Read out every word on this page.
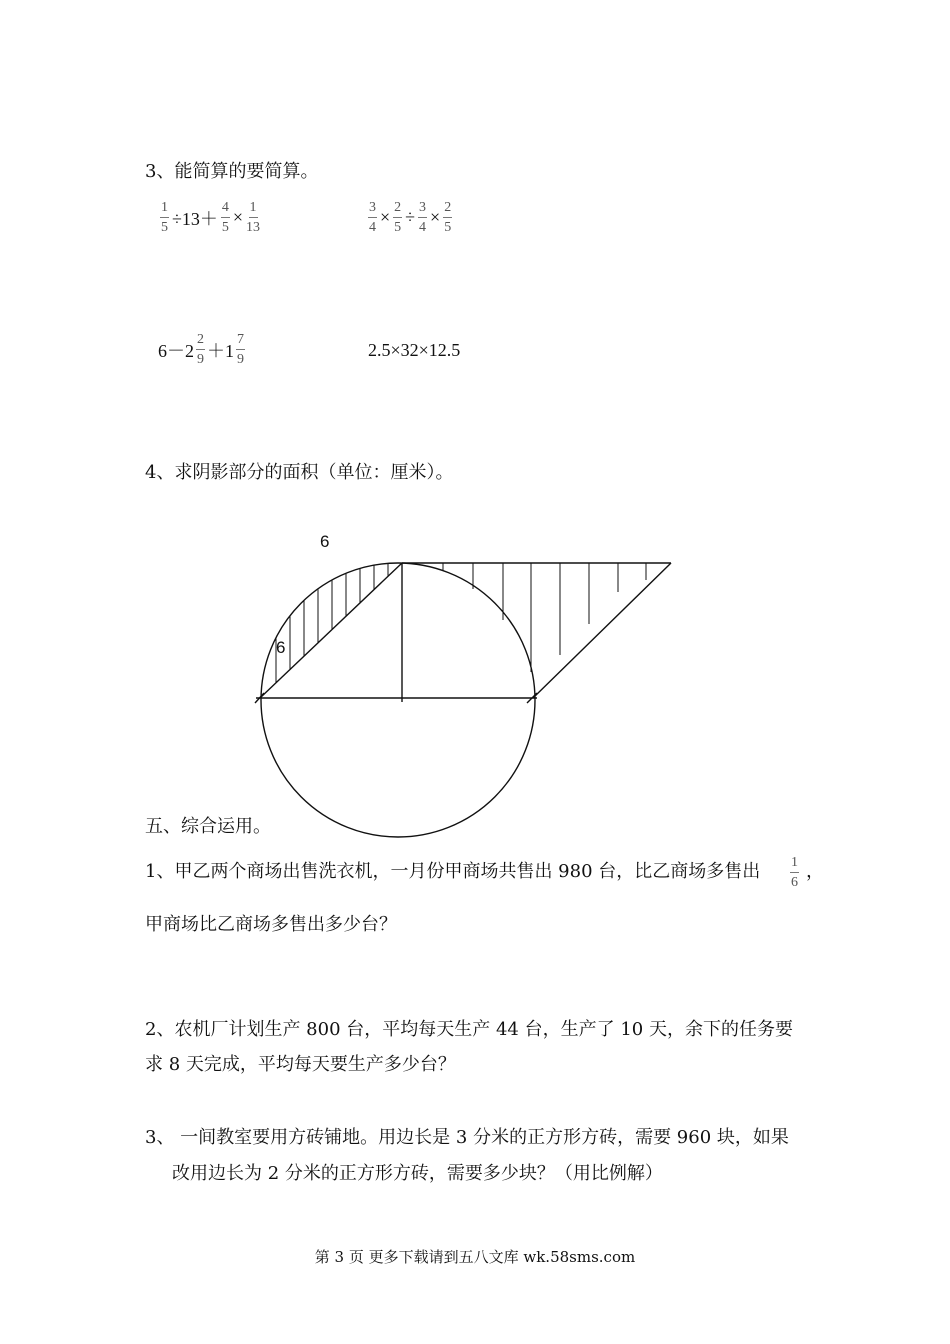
3、能简算的要简算。
$\frac{1}{5} \div 13+ \frac{4}{5} \times \frac{1}{13}$	$\frac{3}{4} \times \frac{2}{5} \div \frac{3}{4} \times \frac{2}{5}$
$6-2 \frac{2}{9} +1 \frac{7}{9}$	2.5×32×12.5
4、求阴影部分的面积（单位：厘米）。
6
6
五、综合运用。
1、甲乙两个商场出售洗衣机，一月份甲商场共售出 980 台，比乙商场多售出 $\frac{1}{6}$ ，
甲商场比乙商场多售出多少台？
2、农机厂计划生产 800 台，平均每天生产 44 台，生产了 10 天，余下的任务要
求 8 天完成，平均每天要生产多少台？
3、 一间教室要用方砖铺地。用边长是 3 分米的正方形方砖，需要 960 块，如果
改用边长为 2 分米的正方形方砖，需要多少块？（用比例解）
第 3 页 更多下载请到五八文库 wk.58sms.com
